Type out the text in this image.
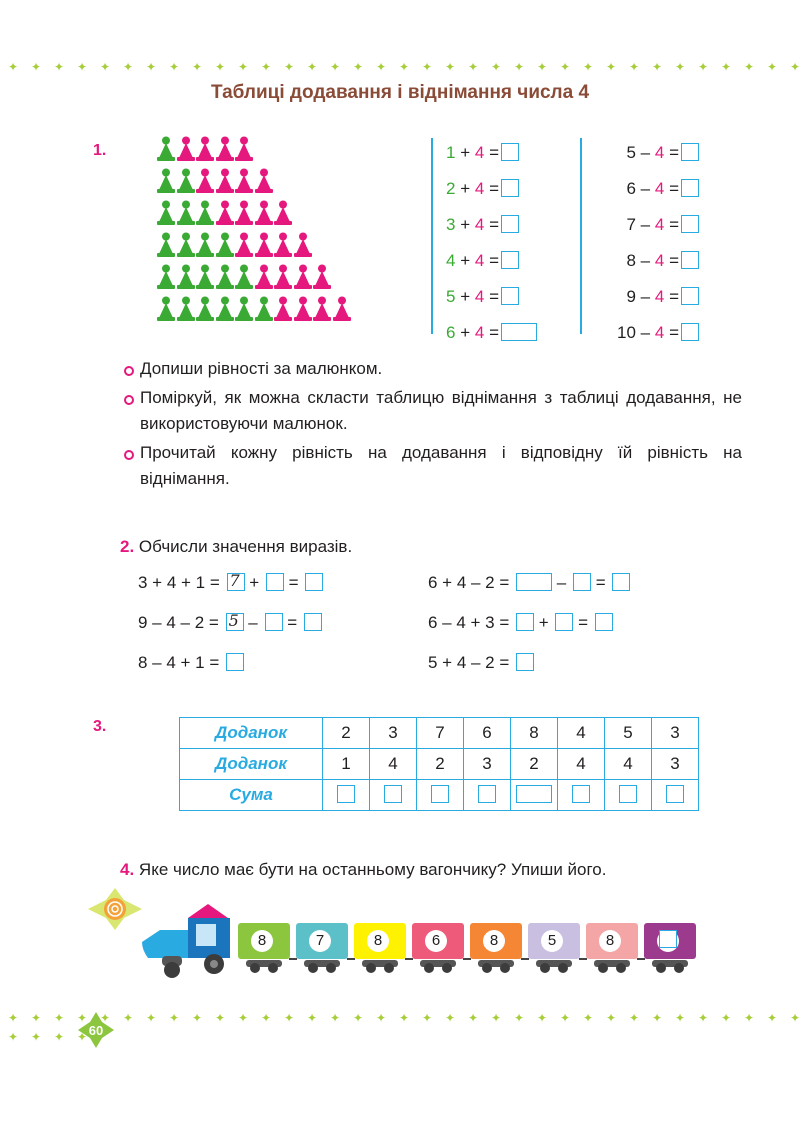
✦ ✦ ✦ ✦ ✦ ✦ ✦ ✦ ✦ ✦ ✦ ✦ ✦ ✦ ✦ ✦ ✦ ✦ ✦ ✦ ✦ ✦ ✦ ✦ ✦ ✦ ✦ ✦ ✦ ✦ ✦ ✦ ✦ ✦ ✦
Таблиці додавання і віднімання числа 4
1.	1 + 4 =
2 + 4 =
3 + 4 =
4 + 4 =
5 + 4 =
6 + 4 =
5 – 4 =
6 – 4 =
7 – 4 =
8 – 4 =
9 – 4 =
10 – 4 =
Допиши рівності за малюнком.
Поміркуй, як можна скласти таблицю віднімання з таблиці додавання, не використовуючи малюнок.
Прочитай кожну рівність на додавання і відповідну їй рівність на віднімання.
2. Обчисли значення виразів.
3 + 4 + 1 = 7 + =
9 – 4 – 2 = 5 – =
8 – 4 + 1 =
6 + 4 – 2 =	– =
6 – 4 + 3 = + =
5 + 4 – 2 =
3.	Доданок	2	3	7	6	8	4	5	3
Доданок	1	4	2	3	2	4	4	3
Сума								
4. Яке число має бути на останньому вагончику? Упиши його.
8	7	8	6	8	5	8
✦ ✦ ✦ ✦ ✦ ✦ ✦ ✦ ✦ ✦ ✦ ✦ ✦ ✦ ✦ ✦ ✦ ✦ ✦ ✦ ✦ ✦ ✦ ✦ ✦ ✦ ✦ ✦ ✦ ✦ ✦ ✦ ✦ ✦ ✦
✦ ✦ ✦ ✦ 60
